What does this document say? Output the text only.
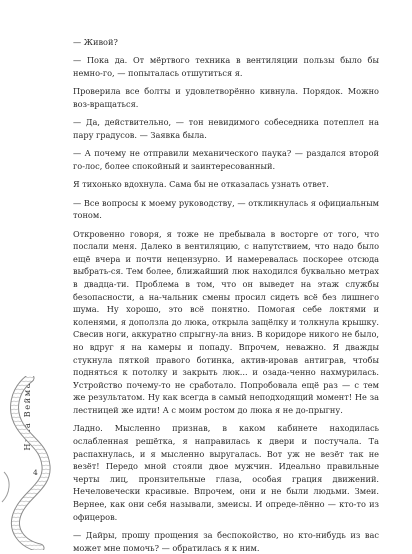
Ника Веймар
4

— Живой?

— Пока да. От мёртвого техника в вентиляции пользы было бы немно-го, — попыталась отшутиться я.

Проверила все болты и удовлетворённо кивнула. Порядок. Можно воз-вращаться.

— Да, действительно, — тон невидимого собеседника потеплел на пару градусов. — Заявка была.

— А почему не отправили механического паука? — раздался второй го-лос, более спокойный и заинтересованный.

Я тихонько вдохнула. Сама бы не отказалась узнать ответ.

— Все вопросы к моему руководству, — откликнулась я официальным тоном.

Откровенно говоря, я тоже не пребывала в восторге от того, что послали меня. Далеко в вентиляцию, с напутствием, что надо было ещё вчера и почти нецензурно. И намеревалась поскорее отсюда выбрать-ся. Тем более, ближайший люк находился буквально метрах в двадца-ти. Проблема в том, что он выведет на этаж службы безопасности, а на-чальник смены просил сидеть всё без лишнего шума. Ну хорошо, это всё понятно. Помогая себе локтями и коленями, я доползла до люка, открыла защёлку и толкнула крышку. Свесив ноги, аккуратно спрыгну-ла вниз. В коридоре никого не было, но вдруг я на камеры и попаду. Впрочем, неважно. Я дважды стукнула пяткой правого ботинка, актив-ировав антиграв, чтобы подняться к потолку и закрыть люк... и озада-ченно нахмурилась. Устройство почему-то не сработало. Попробовала ещё раз — с тем же результатом. Ну как всегда в самый неподходящий момент! Не за лестницей же идти! А с моим ростом до люка я не до-прыгну.

Ладно. Мысленно признав, в каком кабинете находилась ослабленная решётка, я направилась к двери и постучала. Та распахнулась, и я мысленно выругалась. Вот уж не везёт так не везёт! Передо мной стояли двое мужчин. Идеально правильные черты лиц, пронзительные глаза, особая грация движений. Нечеловечески красивые. Впрочем, они и не были людьми. Змеи. Вернее, как они себя называли, змеисы. И опреде-лённо — кто-то из офицеров.

— Дайры, прошу прощения за беспокойство, но кто-нибудь из вас может мне помочь? — обратилась я к ним.
